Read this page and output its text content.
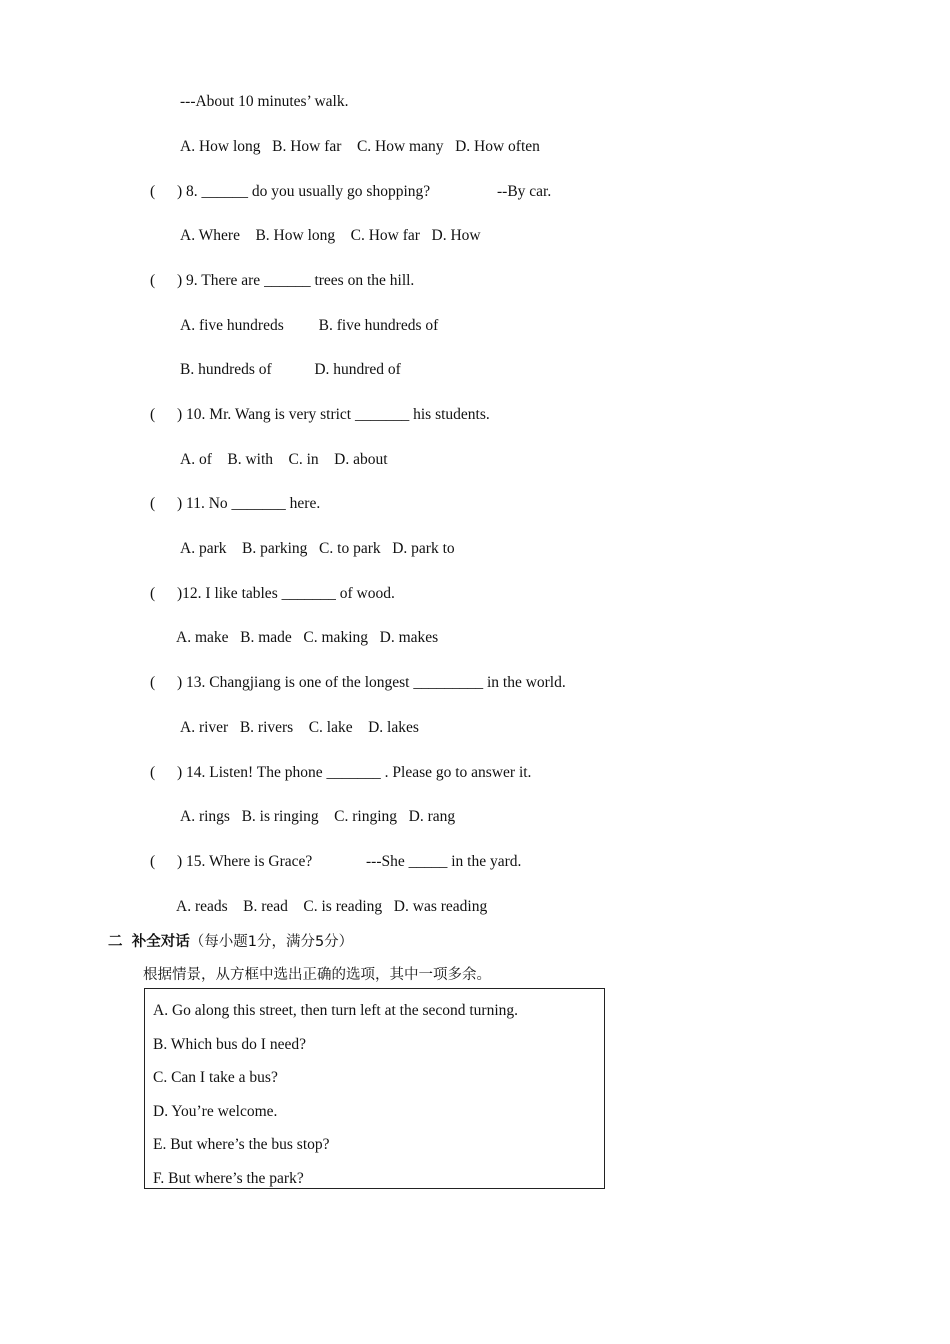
---About 10 minutes’ walk.
A. How long   B. How far    C. How many   D. How often
( ) 8. ______ do you usually go shopping?	--By car.
A. Where    B. How long    C. How far   D. How
( ) 9. There are ______ trees on the hill.
A. five hundreds         B. five hundreds of
B. hundreds of           D. hundred of
( ) 10. Mr. Wang is very strict _______ his students.
A. of    B. with    C. in    D. about
( ) 11. No _______ here.
A. park    B. parking   C. to park   D. park to
( )12. I like tables _______ of wood.
A. make   B. made   C. making   D. makes
( ) 13. Changjiang is one of the longest _________ in the world.
A. river   B. rivers    C. lake    D. lakes
( ) 14. Listen! The phone _______ . Please go to answer it.
A. rings   B. is ringing    C. ringing   D. rang
( ) 15. Where is Grace?	---She _____ in the yard.
A. reads    B. read    C. is reading   D. was reading
二 补全对话（每小题1分，满分5分）
根据情景，从方框中选出正确的选项，其中一项多余。
A. Go along this street, then turn left at the second turning.
B. Which bus do I need?
C. Can I take a bus?
D. You’re welcome.
E. But where’s the bus stop?
F. But where’s the park?
